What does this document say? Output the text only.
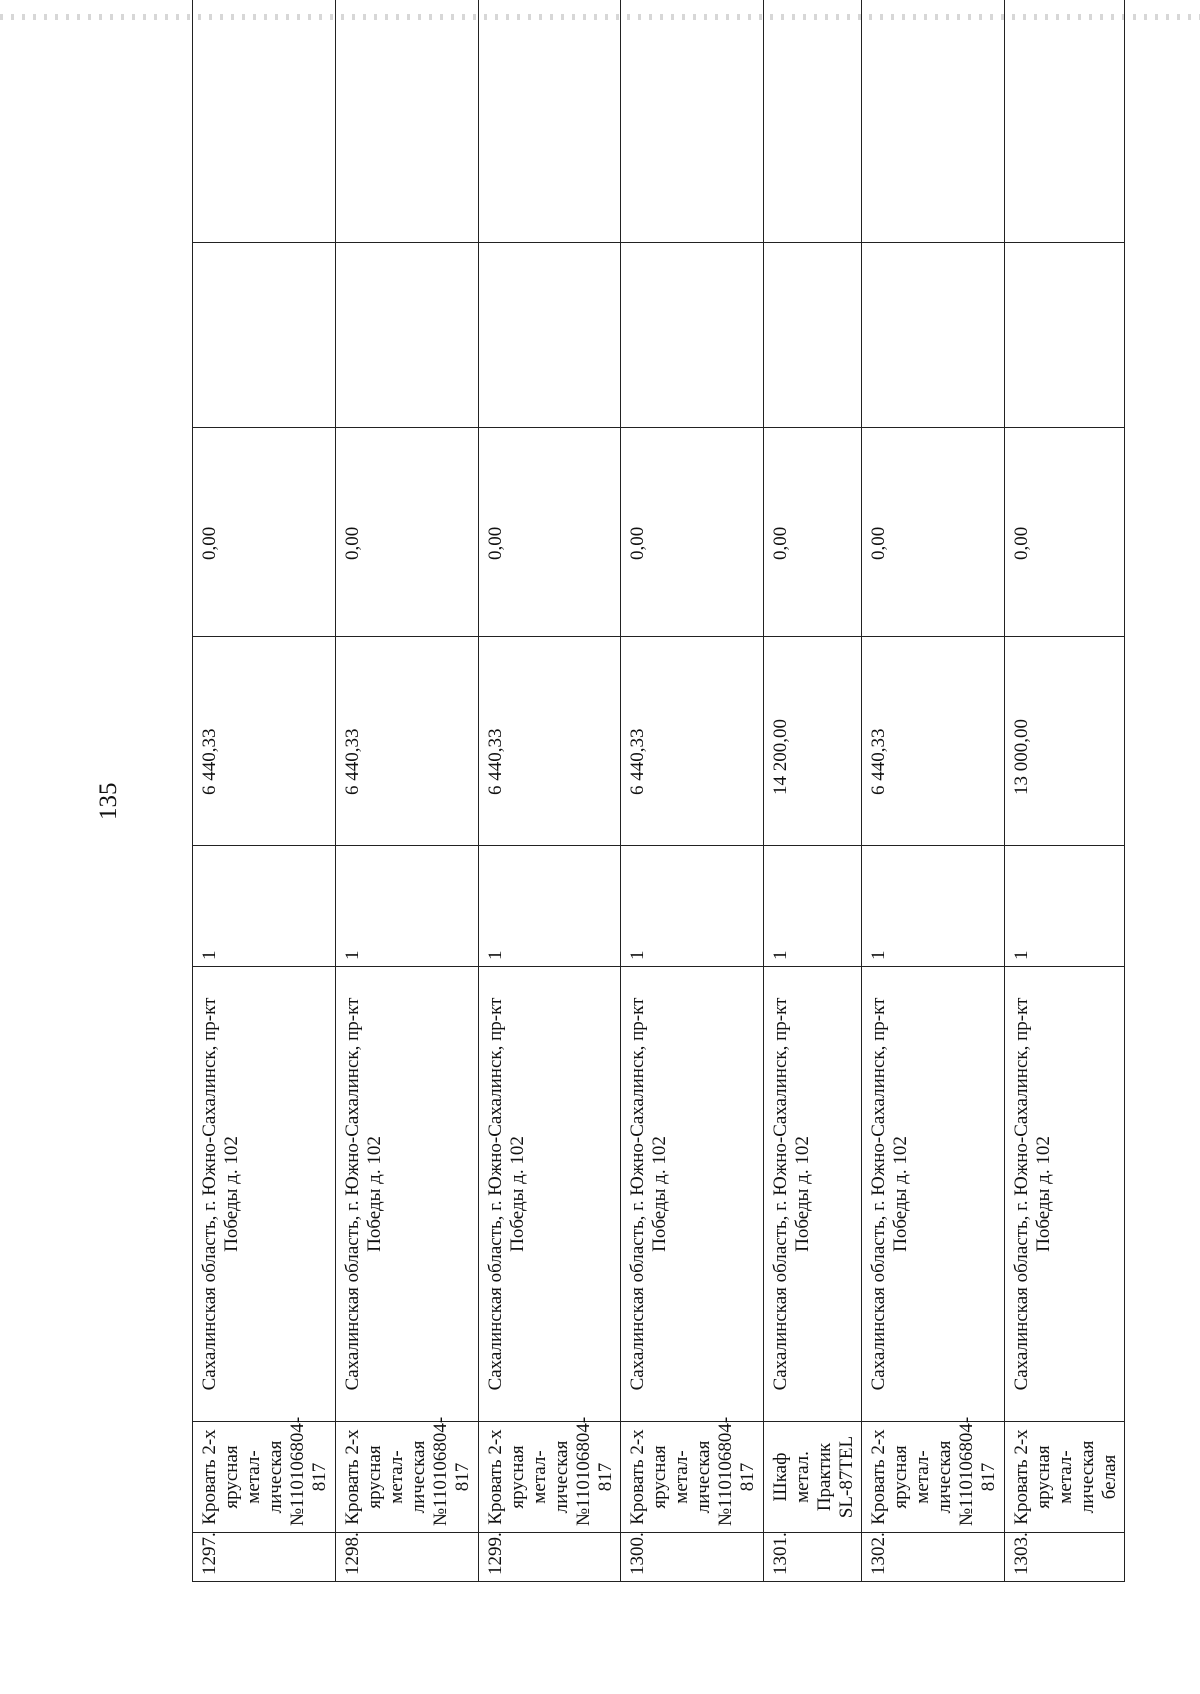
135
1297.	Кровать 2-х ярусная метал-лическая №110106804-817	Сахалинская область, г. Южно-Сахалинск, пр-кт Победы д. 102	1	6 440,33	0,00		

1298.	Кровать 2-х ярусная метал-лическая №110106804-817	Сахалинская область, г. Южно-Сахалинск, пр-кт Победы д. 102	1	6 440,33	0,00		

1299.	Кровать 2-х ярусная метал-лическая №110106804-817	Сахалинская область, г. Южно-Сахалинск, пр-кт Победы д. 102	1	6 440,33	0,00		

1300.	Кровать 2-х ярусная метал-лическая №110106804-817	Сахалинская область, г. Южно-Сахалинск, пр-кт Победы д. 102	1	6 440,33	0,00		

1301.	Шкаф метал. Практик SL-87TEL	Сахалинская область, г. Южно-Сахалинск, пр-кт Победы д. 102	1	14 200,00	0,00		

1302.	Кровать 2-х ярусная метал-лическая №110106804-817	Сахалинская область, г. Южно-Сахалинск, пр-кт Победы д. 102	1	6 440,33	0,00		

1303.	Кровать 2-х ярусная метал-лическая белая	Сахалинская область, г. Южно-Сахалинск, пр-кт Победы д. 102	1	13 000,00	0,00		
